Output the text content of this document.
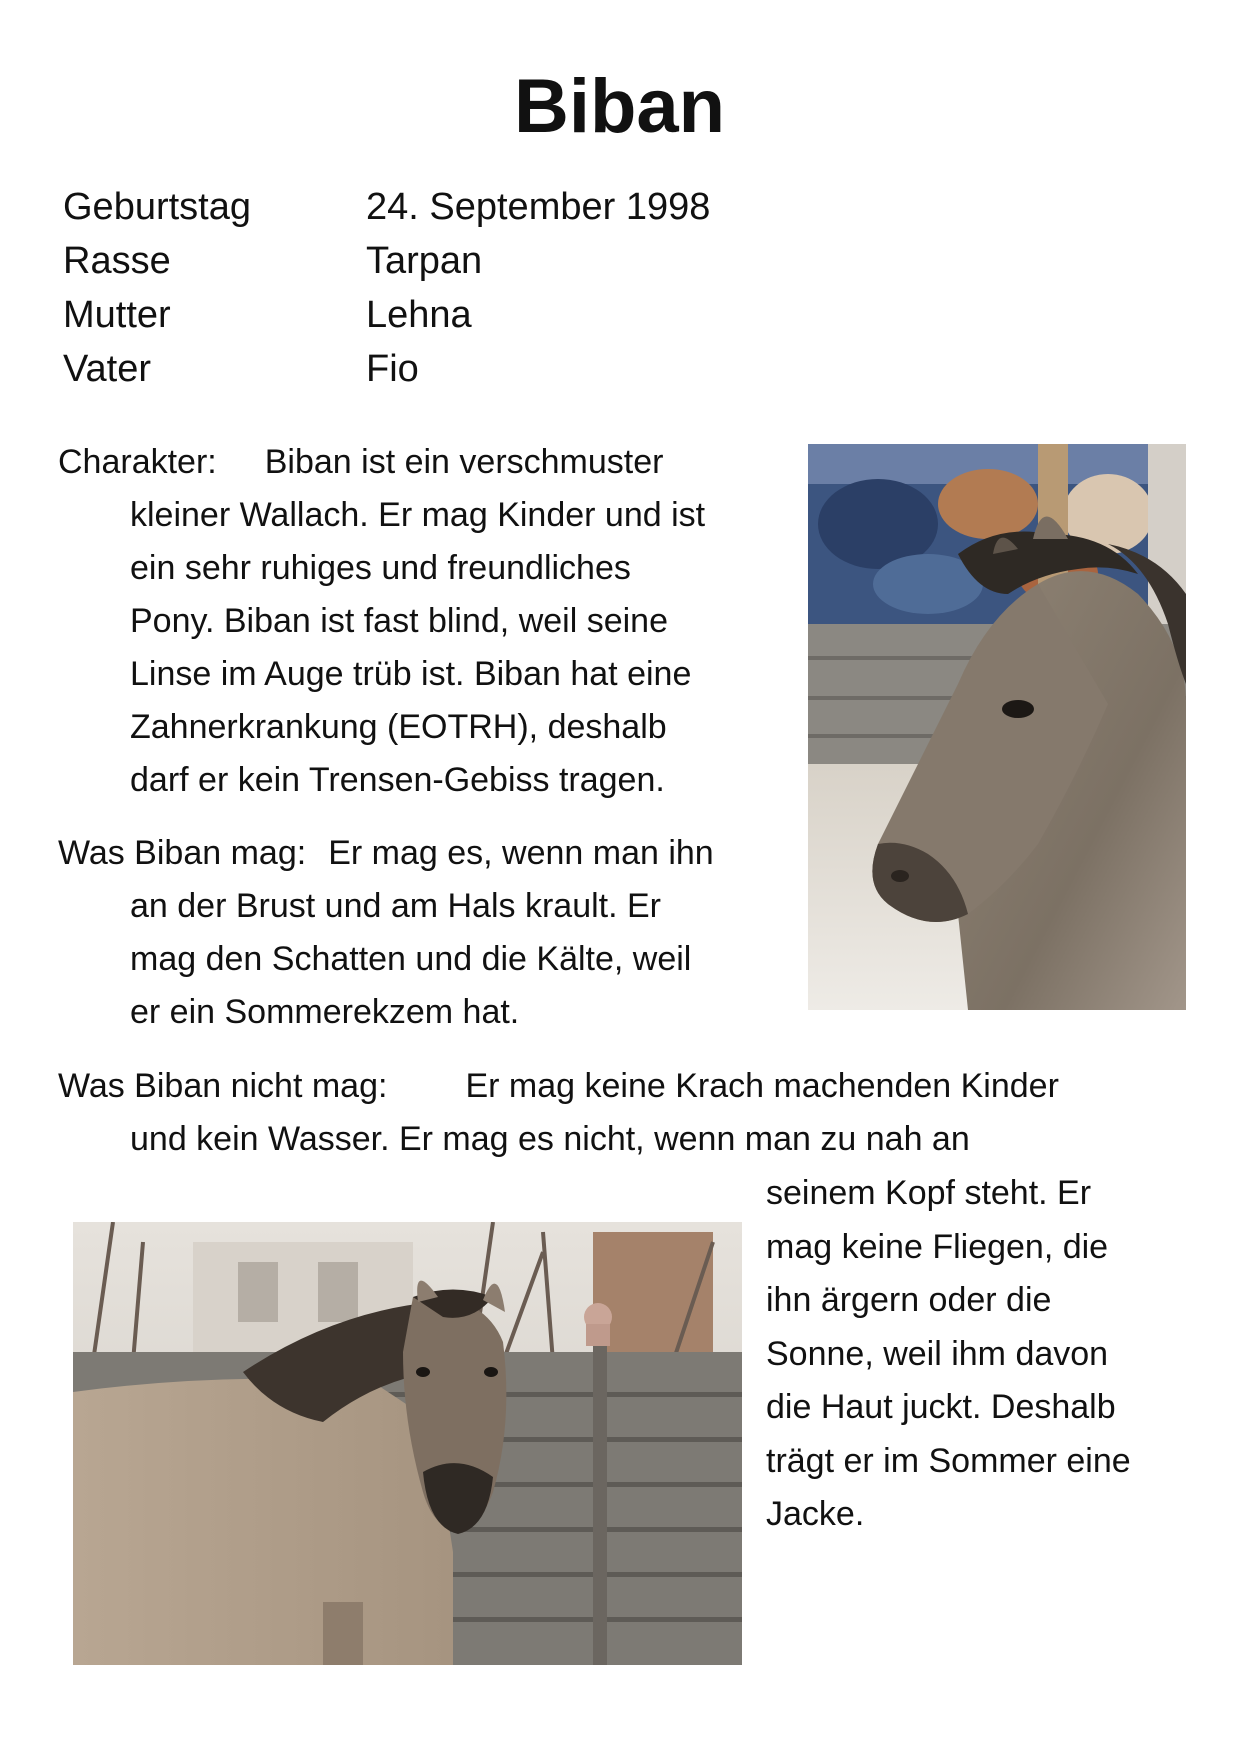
Biban
Geburtstag	24. September 1998
Rasse	Tarpan
Mutter	Lehna
Vater	Fio
Charakter: Biban ist ein verschmuster
kleiner Wallach. Er mag Kinder und ist
ein sehr ruhiges und freundliches
Pony. Biban ist fast blind, weil seine
Linse im Auge trüb ist. Biban hat eine
Zahnerkrankung (EOTRH), deshalb
darf er kein Trensen-Gebiss tragen.
Was Biban mag: Er mag es, wenn man ihn
an der Brust und am Hals krault. Er
mag den Schatten und die Kälte, weil
er ein Sommerekzem hat.
Was Biban nicht mag: Er mag keine Krach machenden Kinder
und kein Wasser. Er mag es nicht, wenn man zu nah an
seinem Kopf steht. Er
mag keine Fliegen, die
ihn ärgern oder die
Sonne, weil ihm davon
die Haut juckt. Deshalb
trägt er im Sommer eine
Jacke.
